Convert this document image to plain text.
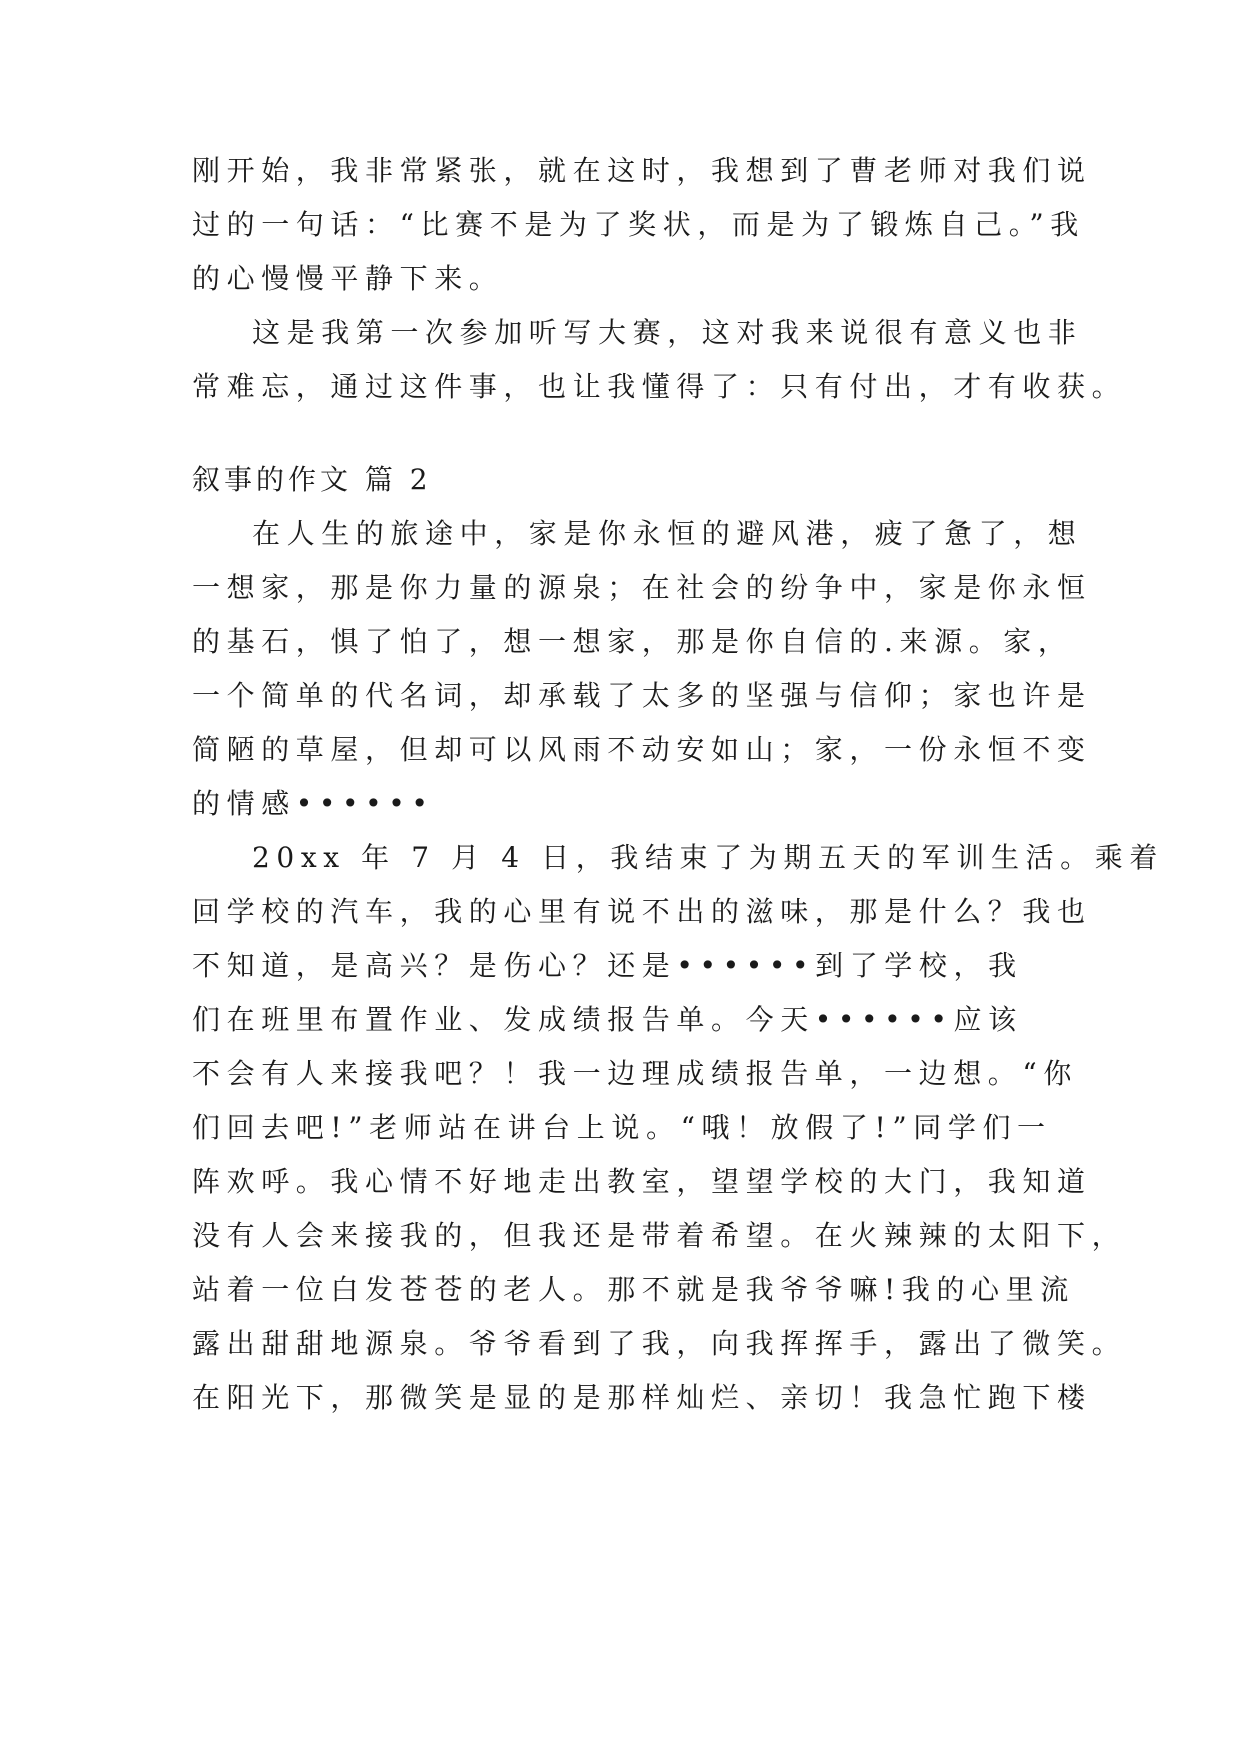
刚开始，我非常紧张，就在这时，我想到了曹老师对我们说
过的一句话：“比赛不是为了奖状，而是为了锻炼自己。”我
的心慢慢平静下来。
这是我第一次参加听写大赛，这对我来说很有意义也非
常难忘，通过这件事，也让我懂得了：只有付出，才有收获。
叙事的作文 篇 2
在人生的旅途中，家是你永恒的避风港，疲了惫了，想
一想家，那是你力量的源泉；在社会的纷争中，家是你永恒
的基石，惧了怕了，想一想家，那是你自信的.来源。家，
一个简单的代名词，却承载了太多的坚强与信仰；家也许是
简陋的草屋，但却可以风雨不动安如山；家，一份永恒不变
的情感••••••
20xx 年 7 月 4 日，我结束了为期五天的军训生活。乘着
回学校的汽车，我的心里有说不出的滋味，那是什么？我也
不知道，是高兴？是伤心？还是••••••到了学校，我
们在班里布置作业、发成绩报告单。今天••••••应该
不会有人来接我吧？！我一边理成绩报告单，一边想。“你
们回去吧!”老师站在讲台上说。“哦！放假了!”同学们一
阵欢呼。我心情不好地走出教室，望望学校的大门，我知道
没有人会来接我的，但我还是带着希望。在火辣辣的太阳下，
站着一位白发苍苍的老人。那不就是我爷爷嘛!我的心里流
露出甜甜地源泉。爷爷看到了我，向我挥挥手，露出了微笑。
在阳光下，那微笑是显的是那样灿烂、亲切！我急忙跑下楼
